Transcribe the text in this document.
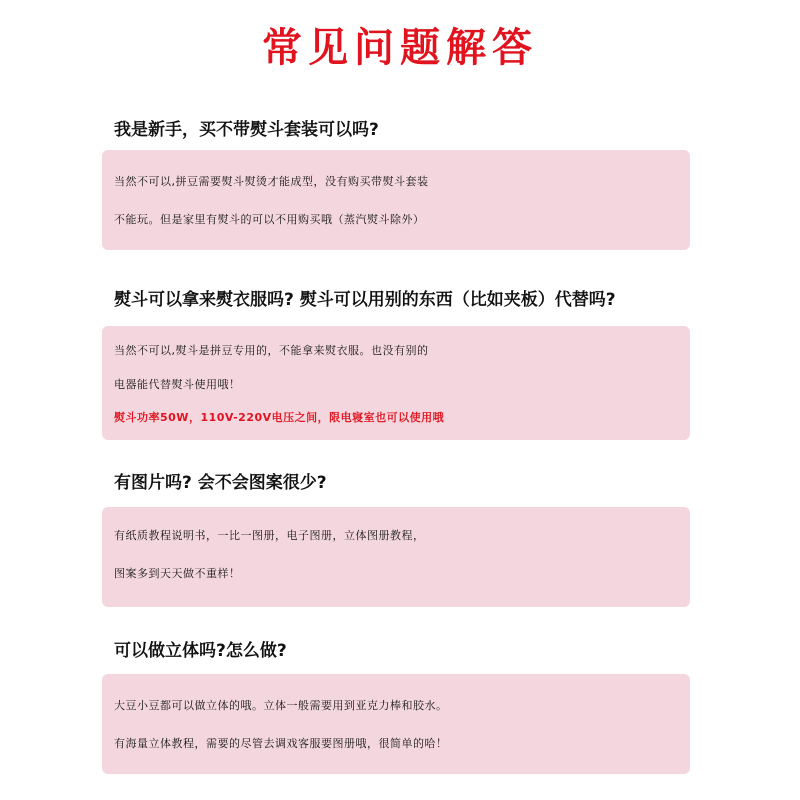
常见问题解答
我是新手，买不带熨斗套装可以吗?
当然不可以,拼豆需要熨斗熨烫才能成型，没有购买带熨斗套装
不能玩。但是家里有熨斗的可以不用购买哦（蒸汽熨斗除外）
熨斗可以拿来熨衣服吗? 熨斗可以用别的东西（比如夹板）代替吗?
当然不可以,熨斗是拼豆专用的，不能拿来熨衣服。也没有别的
电器能代替熨斗使用哦！
熨斗功率50W，110V-220V电压之间，限电寝室也可以使用哦
有图片吗? 会不会图案很少?
有纸质教程说明书，一比一图册，电子图册，立体图册教程，
图案多到天天做不重样！
可以做立体吗?怎么做?
大豆小豆都可以做立体的哦。立体一般需要用到亚克力棒和胶水。
有海量立体教程，需要的尽管去调戏客服要图册哦，很简单的哈！
